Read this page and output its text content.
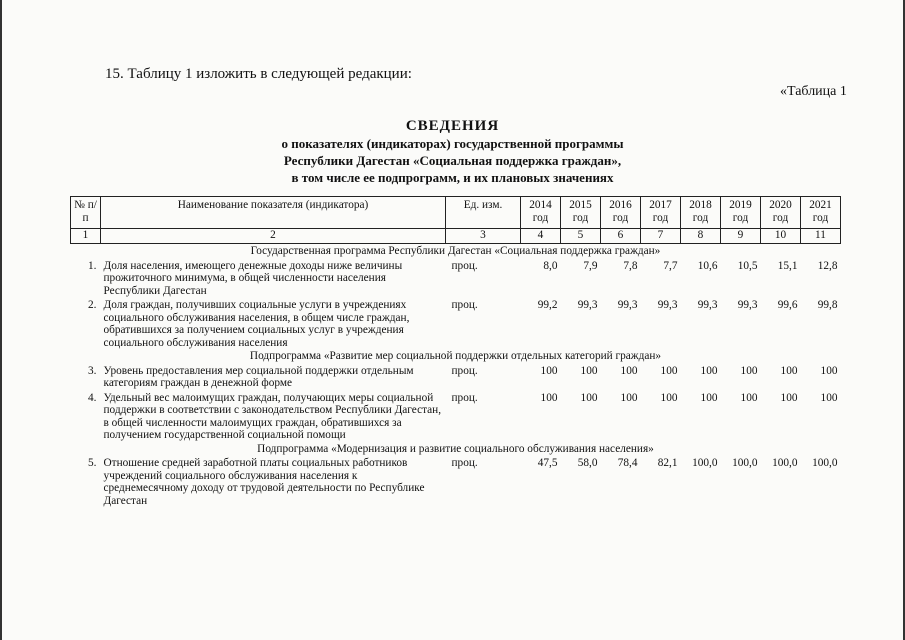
15. Таблицу 1 изложить в следующей редакции:
«Таблица 1
СВЕДЕНИЯ
о показателях (индикаторах) государственной программы
Республики Дагестан «Социальная поддержка граждан»,
в том числе ее подпрограмм, и их плановых значениях
№ п/п	Наименование показателя (индикатора)	Ед. изм.	2014 год	2015 год	2016 год	2017 год	2018 год	2019 год	2020 год	2021 год
1	2	3	4	5	6	7	8	9	10	11
Государственная программа Республики Дагестан «Социальная поддержка граждан»										
1.	Доля населения, имеющего денежные доходы ниже величины прожиточного минимума, в общей численности населения Республики Дагестан	проц.	8,0	7,9	7,8	7,7	10,6	10,5	15,1	12,8
2.	Доля граждан, получивших социальные услуги в учреждениях социального обслуживания населения, в общем числе граждан, обратившихся за получением социальных услуг в учреждения социального обслуживания населения	проц.	99,2	99,3	99,3	99,3	99,3	99,3	99,6	99,8
Подпрограмма «Развитие мер социальной поддержки отдельных категорий граждан»										
3.	Уровень предоставления мер социальной поддержки отдельным категориям граждан в денежной форме	проц.	100	100	100	100	100	100	100	100
4.	Удельный вес малоимущих граждан, получающих меры социальной поддержки в соответствии с законодательством Республики Дагестан, в общей численности малоимущих граждан, обратившихся за получением государственной социальной помощи	проц.	100	100	100	100	100	100	100	100
Подпрограмма «Модернизация и развитие социального обслуживания населения»										
5.	Отношение средней заработной платы социальных работников учреждений социального обслуживания населения к среднемесячному доходу от трудовой деятельности по Республике Дагестан	проц.	47,5	58,0	78,4	82,1	100,0	100,0	100,0	100,0
